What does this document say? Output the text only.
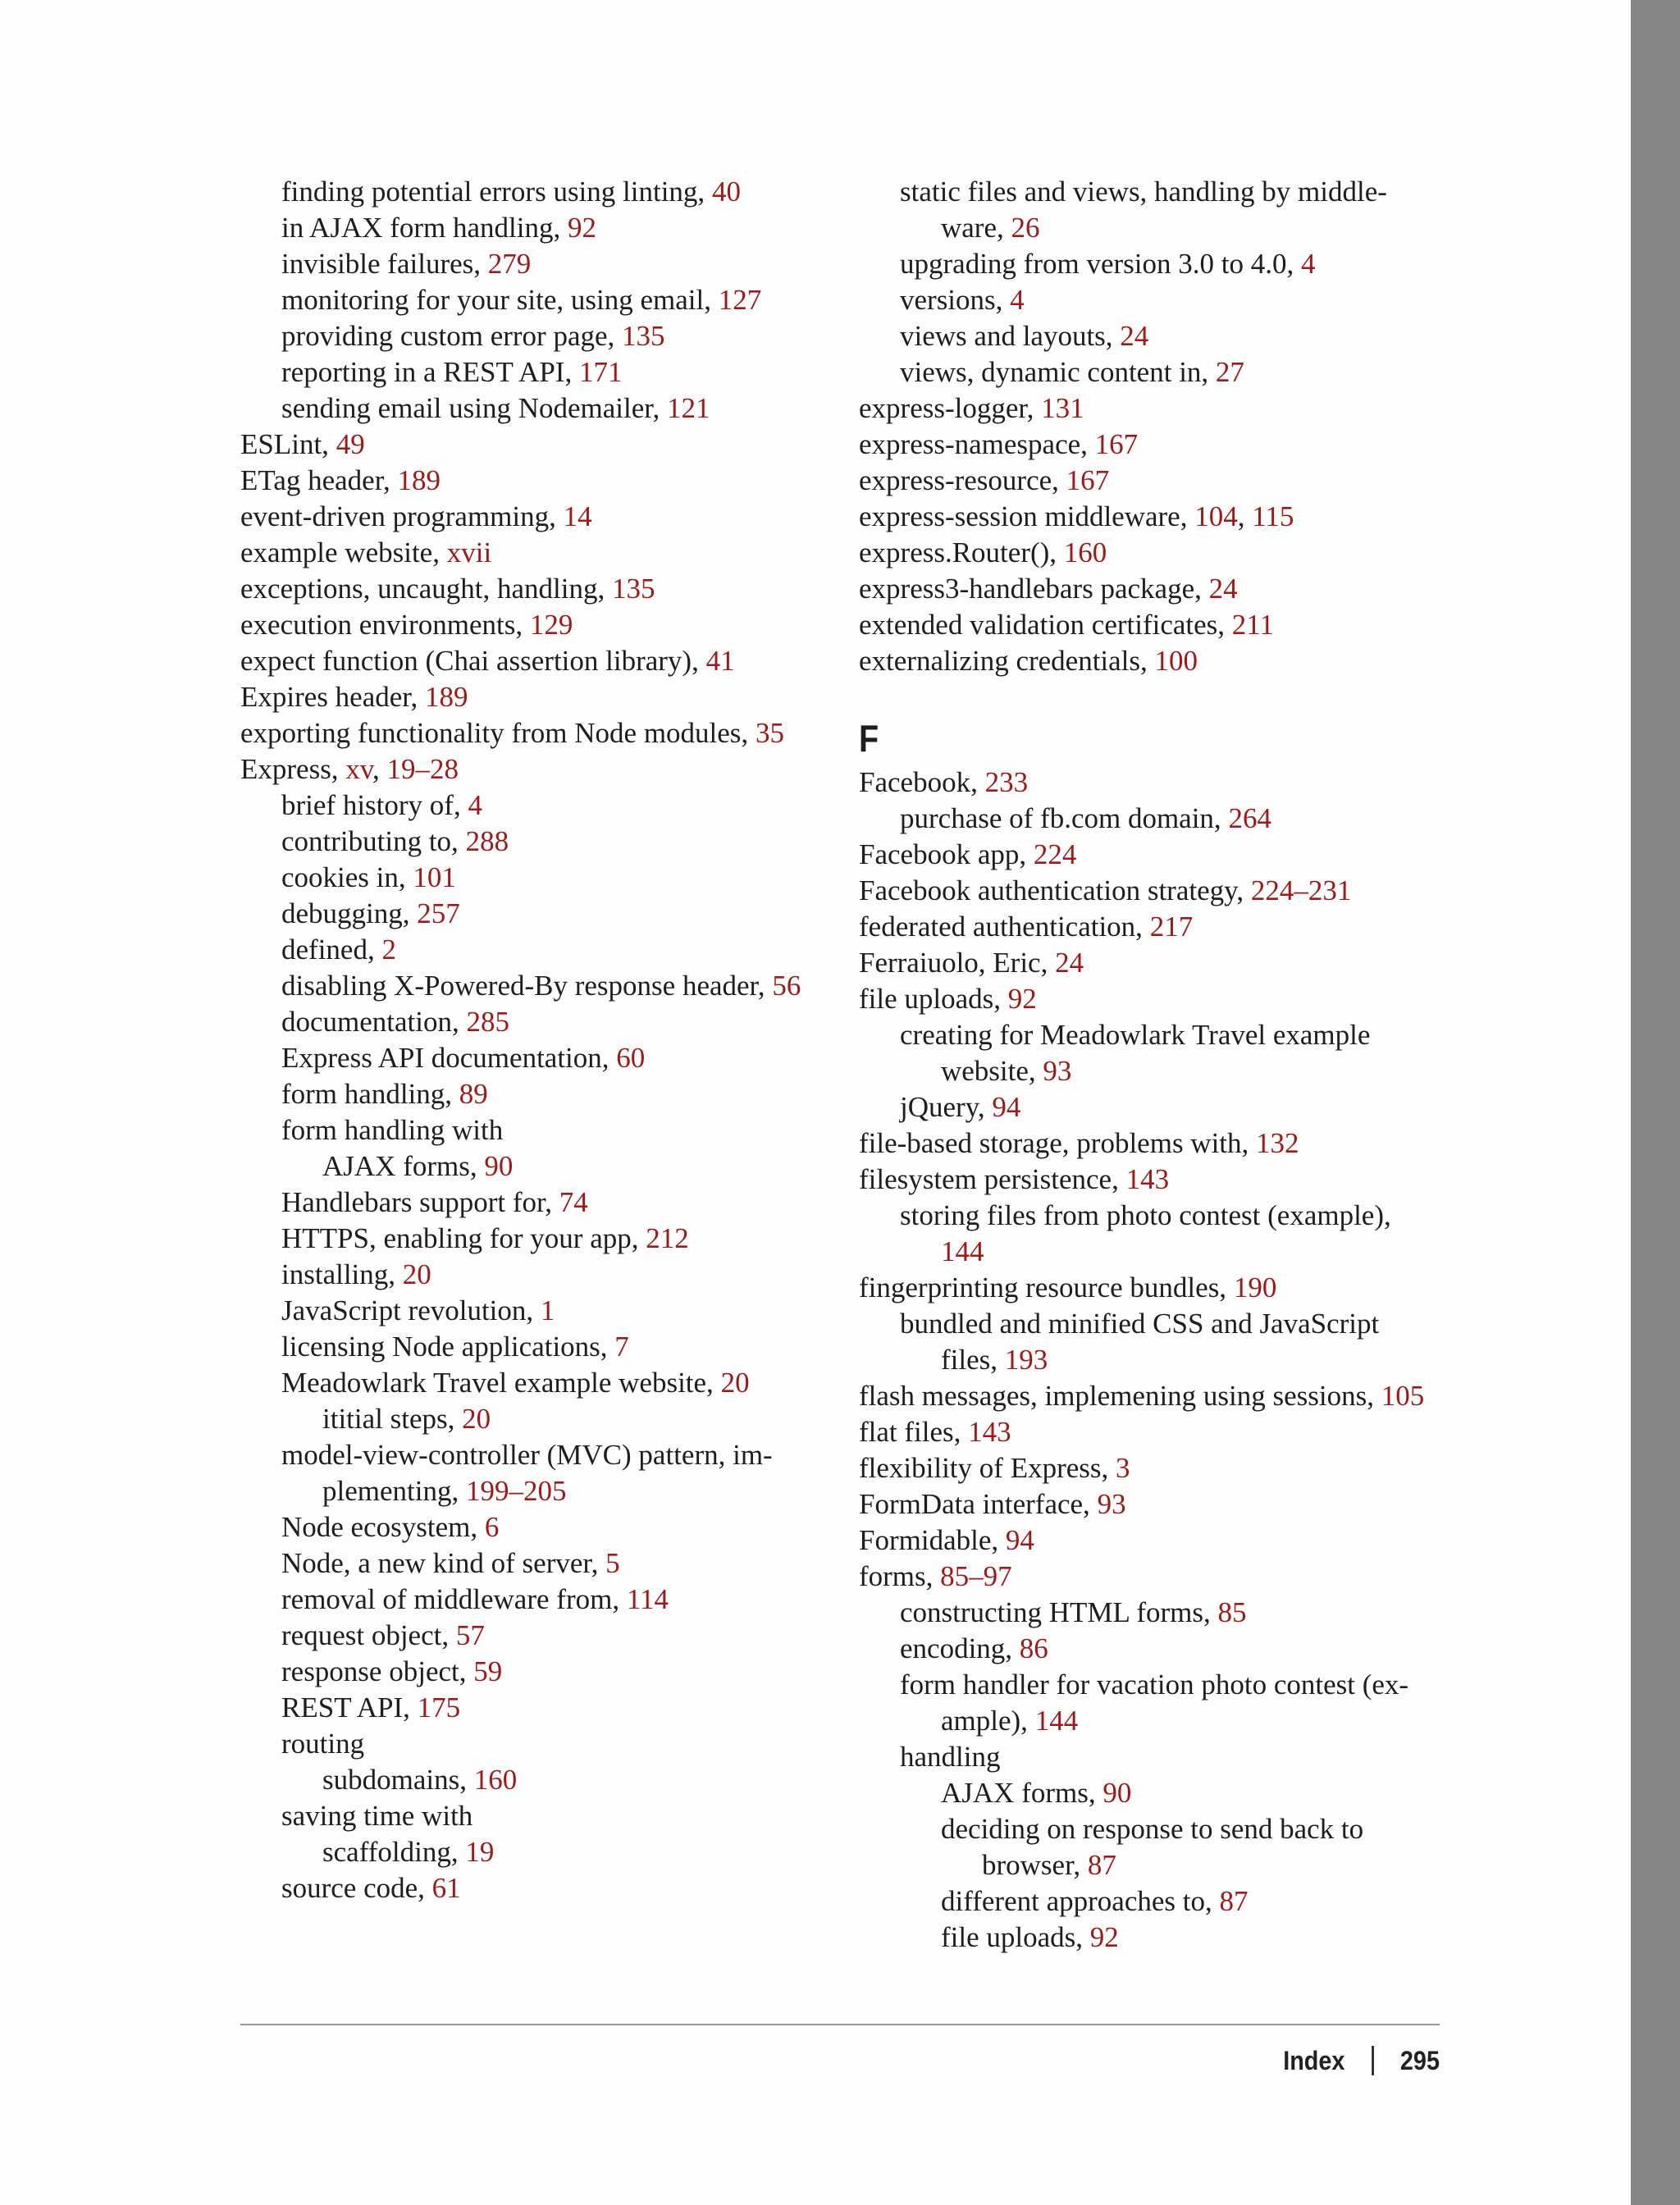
finding potential errors using linting, 40
in AJAX form handling, 92
invisible failures, 279
monitoring for your site, using email, 127
providing custom error page, 135
reporting in a REST API, 171
sending email using Nodemailer, 121
ESLint, 49
ETag header, 189
event-driven programming, 14
example website, xvii
exceptions, uncaught, handling, 135
execution environments, 129
expect function (Chai assertion library), 41
Expires header, 189
exporting functionality from Node modules, 35
Express, xv, 19–28
brief history of, 4
contributing to, 288
cookies in, 101
debugging, 257
defined, 2
disabling X-Powered-By response header, 56
documentation, 285
Express API documentation, 60
form handling, 89
form handling with
AJAX forms, 90
Handlebars support for, 74
HTTPS, enabling for your app, 212
installing, 20
JavaScript revolution, 1
licensing Node applications, 7
Meadowlark Travel example website, 20
ititial steps, 20
model-view-controller (MVC) pattern, im-
plementing, 199–205
Node ecosystem, 6
Node, a new kind of server, 5
removal of middleware from, 114
request object, 57
response object, 59
REST API, 175
routing
subdomains, 160
saving time with
scaffolding, 19
source code, 61
static files and views, handling by middle-
ware, 26
upgrading from version 3.0 to 4.0, 4
versions, 4
views and layouts, 24
views, dynamic content in, 27
express-logger, 131
express-namespace, 167
express-resource, 167
express-session middleware, 104, 115
express.Router(), 160
express3-handlebars package, 24
extended validation certificates, 211
externalizing credentials, 100
F
Facebook, 233
purchase of fb.com domain, 264
Facebook app, 224
Facebook authentication strategy, 224–231
federated authentication, 217
Ferraiuolo, Eric, 24
file uploads, 92
creating for Meadowlark Travel example
website, 93
jQuery, 94
file-based storage, problems with, 132
filesystem persistence, 143
storing files from photo contest (example),
144
fingerprinting resource bundles, 190
bundled and minified CSS and JavaScript
files, 193
flash messages, implemening using sessions, 105
flat files, 143
flexibility of Express, 3
FormData interface, 93
Formidable, 94
forms, 85–97
constructing HTML forms, 85
encoding, 86
form handler for vacation photo contest (ex-
ample), 144
handling
AJAX forms, 90
deciding on response to send back to
browser, 87
different approaches to, 87
file uploads, 92
Index 295
